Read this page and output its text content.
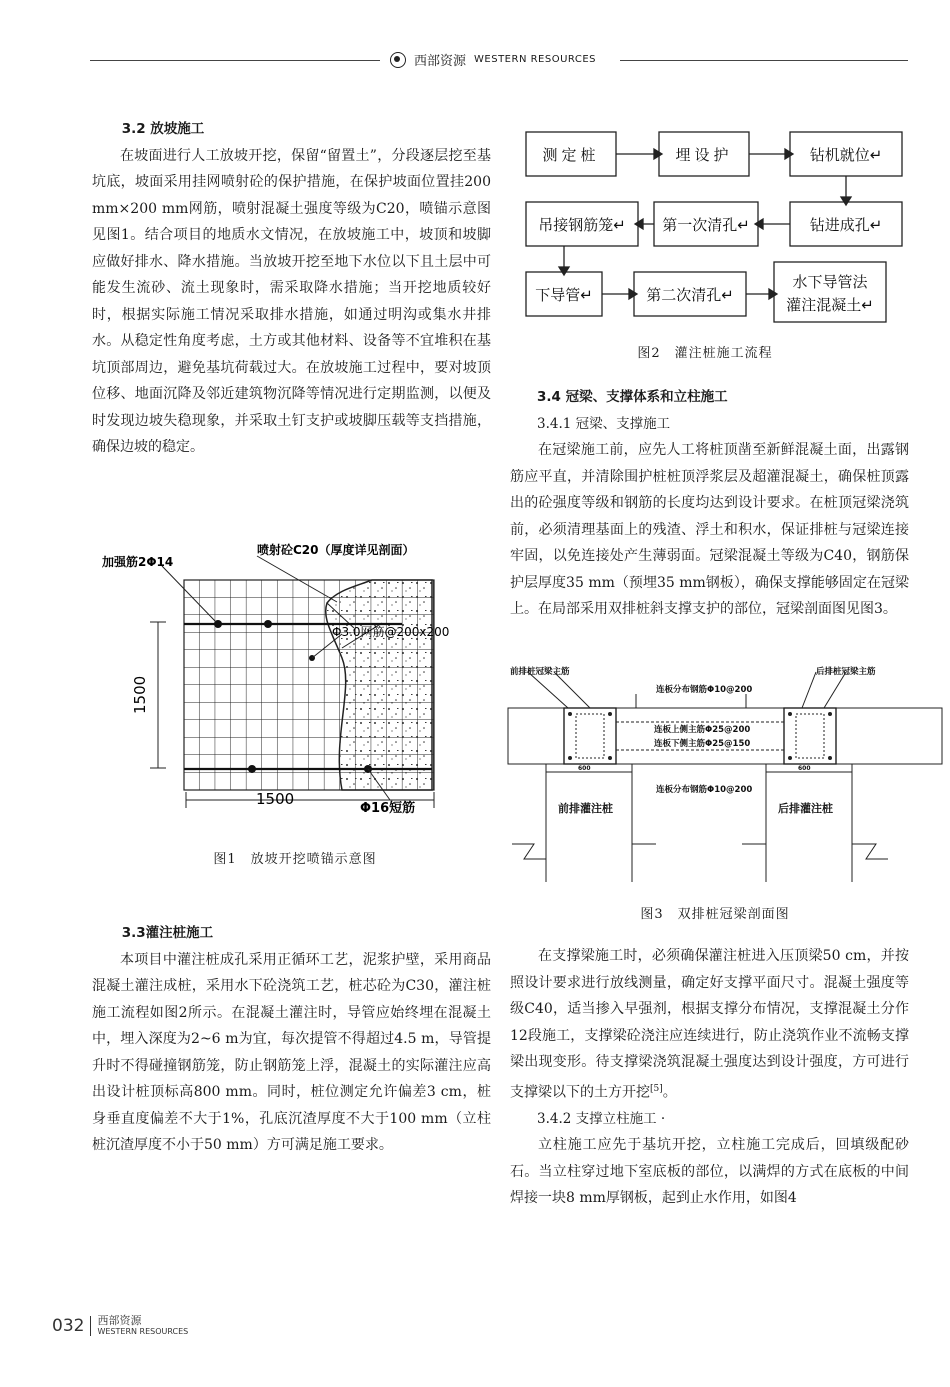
西部资源 WESTERN RESOURCES

3.2 放坡施工

在坡面进行人工放坡开挖，保留“留置土”，分段逐层挖至基坑底，坡面采用挂网喷射砼的保护措施，在保护坡面位置挂200 mm×200 mm网筋，喷射混凝土强度等级为C20，喷锚示意图见图1。结合项目的地质水文情况，在放坡施工中，坡顶和坡脚应做好排水、降水措施。当放坡开挖至地下水位以下且土层中可能发生流砂、流土现象时，需采取降水措施；当开挖地质较好时，根据实际施工情况采取排水措施，如通过明沟或集水井排水。从稳定性角度考虑，土方或其他材料、设备等不宜堆积在基坑顶部周边，避免基坑荷载过大。在放坡施工过程中，要对坡顶位移、地面沉降及邻近建筑物沉降等情况进行定期监测，以便及时发现边坡失稳现象，并采取土钉支护或坡脚压载等支挡措施，确保边坡的稳定。

加强筋2Φ14
喷射砼C20（厚度详见剖面）
Φ3.0网筋@200x200
1500
1500
Φ16短筋
图1　放坡开挖喷锚示意图

3.3灌注桩施工

本项目中灌注桩成孔采用正循环工艺，泥浆护壁，采用商品混凝土灌注成桩，采用水下砼浇筑工艺，桩芯砼为C30，灌注桩施工流程如图2所示。在混凝土灌注时，导管应始终埋在混凝土中，埋入深度为2~6 m为宜，每次提管不得超过4.5 m，导管提升时不得碰撞钢筋笼，防止钢筋笼上浮，混凝土的实际灌注应高出设计桩顶标高800 mm。同时，桩位测定允许偏差3 cm，桩身垂直度偏差不大于1%，孔底沉渣厚度不大于100 mm（立柱桩沉渣厚度不小于50 mm）方可满足施工要求。

测定桩	埋设护	钻机就位↵
钻进成孔↵
第一次清孔↵
吊接钢筋笼↵
下导管↵	第二次清孔↵
水下导管法
灌注混凝土↵
图2　灌注桩施工流程

3.4 冠梁、支撑体系和立柱施工

3.4.1 冠梁、支撑施工

在冠梁施工前，应先人工将桩顶凿至新鲜混凝土面，出露钢筋应平直，并清除围护桩桩顶浮浆层及超灌混凝土，确保桩顶露出的砼强度等级和钢筋的长度均达到设计要求。在桩顶冠梁浇筑前，必须清理基面上的残渣、浮土和积水，保证排桩与冠梁连接牢固，以免连接处产生薄弱面。冠梁混凝土等级为C40，钢筋保护层厚度35 mm（预埋35 mm钢板），确保支撑能够固定在冠梁上。在局部采用双排桩斜支撑支护的部位，冠梁剖面图见图3。

前排桩冠梁主筋	后排桩冠梁主筋
连板分布钢筋Φ10@200
连板上侧主筋Φ25@200
连板下侧主筋Φ25@150
连板分布钢筋Φ10@200
600	600
前排灌注桩	后排灌注桩
图3　双排桩冠梁剖面图

在支撑梁施工时，必须确保灌注桩进入压顶梁50 cm，并按照设计要求进行放线测量，确定好支撑平面尺寸。混凝土强度等级C40，适当掺入早强剂，根据支撑分布情况，支撑混凝土分作12段施工，支撑梁砼浇注应连续进行，防止浇筑作业不流畅支撑梁出现变形。待支撑梁浇筑混凝土强度达到设计强度，方可进行支撑梁以下的土方开挖[5]。

3.4.2 支撑立柱施工 ·

立柱施工应先于基坑开挖，立柱施工完成后，回填级配砂石。当立柱穿过地下室底板的部位，以满焊的方式在底板的中间焊接一块8 mm厚钢板，起到止水作用，如图4

032	西部资源
WESTERN RESOURCES
